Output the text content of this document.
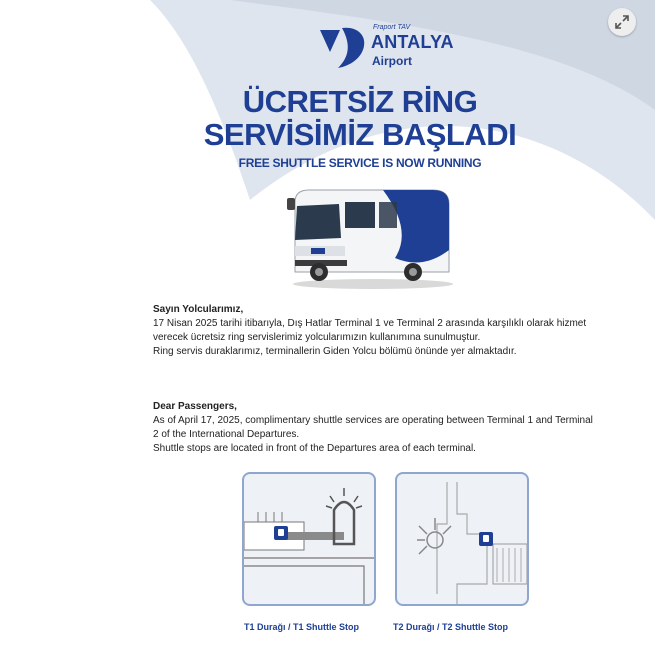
Fraport TAV
ANTALYA
Airport
ÜCRETSİZ RİNG
SERVİSİMİZ BAŞLADI
FREE SHUTTLE SERVICE IS NOW RUNNING

Sayın Yolcularımız,

17 Nisan 2025 tarihi itibarıyla, Dış Hatlar Terminal 1 ve Terminal 2 arasında karşılıklı olarak hizmet verecek ücretsiz ring servislerimiz yolcularımızın kullanımına sunulmuştur.

Ring servis duraklarımız, terminallerin Giden Yolcu bölümü önünde yer almaktadır.

Dear Passengers,

As of April 17, 2025, complimentary shuttle services are operating between Terminal 1 and Terminal 2 of the International Departures.

Shuttle stops are located in front of the Departures area of each terminal.

T1 Durağı / T1 Shuttle Stop	T2 Durağı / T2 Shuttle Stop
